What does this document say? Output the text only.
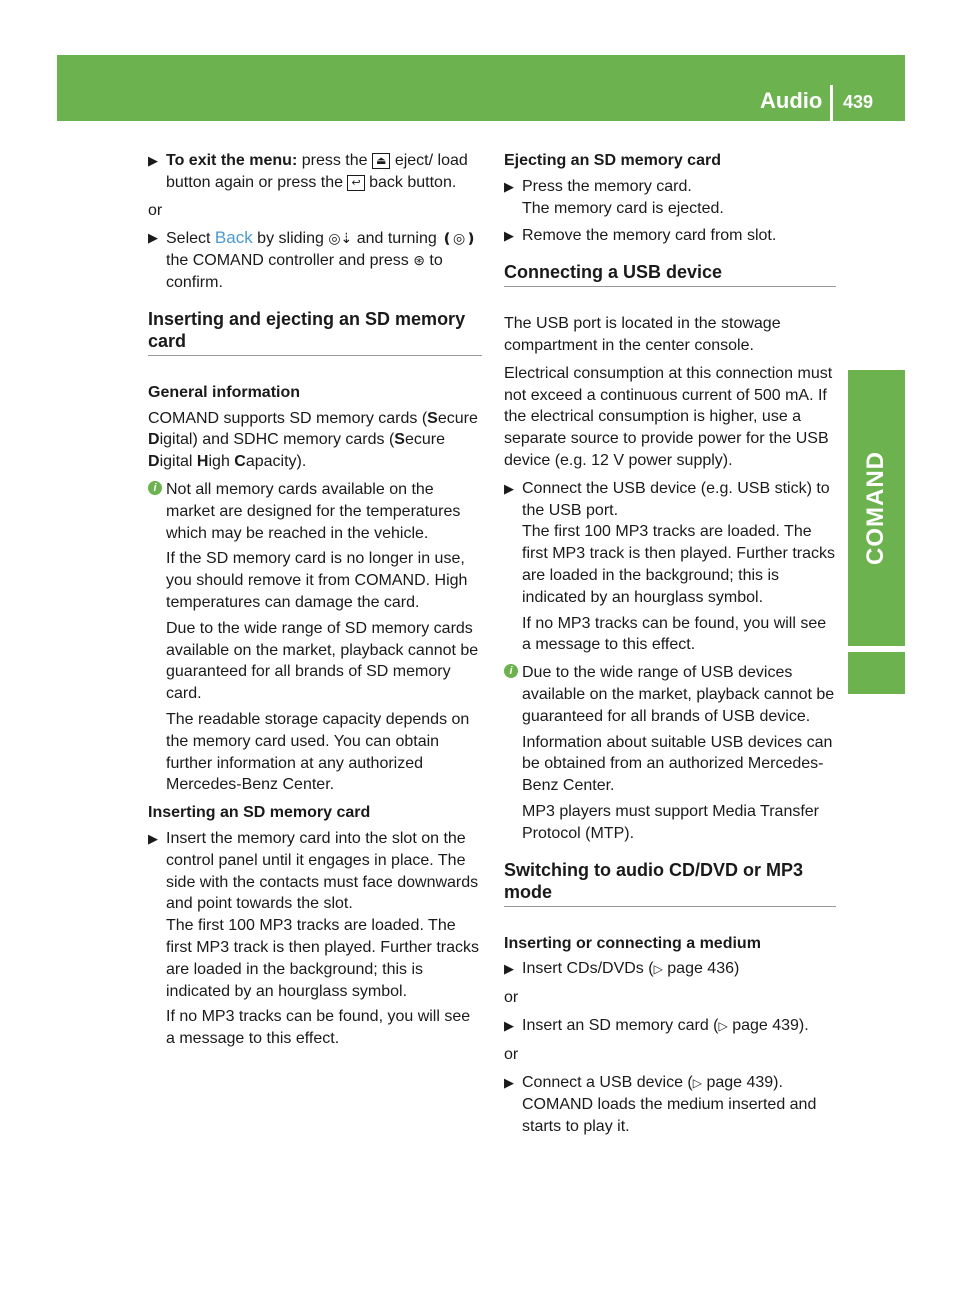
Audio 439
COMAND
▶ To exit the menu: press the ⏏ eject/ load button again or press the ↩ back button.
or
▶ Select Back by sliding ◎⇣ and turning ❪◎❫ the COMAND controller and press ⊛ to confirm.
Inserting and ejecting an SD memory card
General information

COMAND supports SD memory cards (Secure Digital) and SDHC memory cards (Secure Digital High Capacity).

i Not all memory cards available on the market are designed for the temperatures which may be reached in the vehicle.

If the SD memory card is no longer in use, you should remove it from COMAND. High temperatures can damage the card.

Due to the wide range of SD memory cards available on the market, playback cannot be guaranteed for all brands of SD memory card.

The readable storage capacity depends on the memory card used. You can obtain further information at any authorized Mercedes-Benz Center.

Inserting an SD memory card
▶ Insert the memory card into the slot on the control panel until it engages in place. The side with the contacts must face downwards and point towards the slot.

The first 100 MP3 tracks are loaded. The first MP3 track is then played. Further tracks are loaded in the background; this is indicated by an hourglass symbol.

If no MP3 tracks can be found, you will see a message to this effect.

Ejecting an SD memory card
▶ Press the memory card.

The memory card is ejected.

▶ Remove the memory card from slot.
Connecting a USB device

The USB port is located in the stowage compartment in the center console.

Electrical consumption at this connection must not exceed a continuous current of 500 mA. If the electrical consumption is higher, use a separate source to provide power for the USB device (e.g. 12 V power supply).

▶ Connect the USB device (e.g. USB stick) to the USB port.

The first 100 MP3 tracks are loaded. The first MP3 track is then played. Further tracks are loaded in the background; this is indicated by an hourglass symbol.

If no MP3 tracks can be found, you will see a message to this effect.

i Due to the wide range of USB devices available on the market, playback cannot be guaranteed for all brands of USB device.

Information about suitable USB devices can be obtained from an authorized Mercedes-Benz Center.

MP3 players must support Media Transfer Protocol (MTP).

Switching to audio CD/DVD or MP3 mode
Inserting or connecting a medium
▶ Insert CDs/DVDs (▷ page 436)
or
▶ Insert an SD memory card (▷ page 439).
or
▶ Connect a USB device (▷ page 439).

COMAND loads the medium inserted and starts to play it.
